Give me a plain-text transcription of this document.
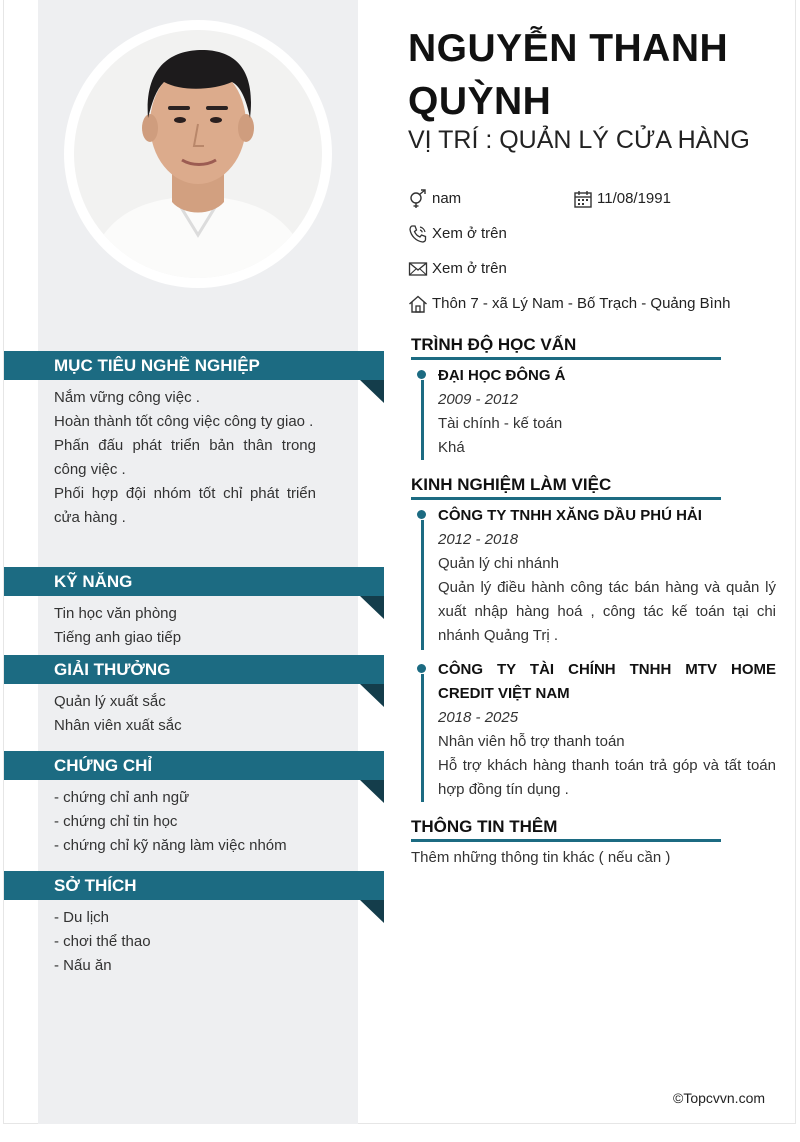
NGUYỄN THANH QUỲNH
VỊ TRÍ : QUẢN LÝ CỬA HÀNG
nam	11/08/1991
Xem ở trên
Xem ở trên
Thôn 7 - xã Lý Nam - Bố Trạch - Quảng Bình
MỤC TIÊU NGHỀ NGHIỆP
Nắm vững công việc .
Hoàn thành tốt công việc công ty giao .
Phấn đấu phát triển bản thân trong công việc .
Phối hợp đội nhóm tốt chỉ phát triển cửa hàng .
KỸ NĂNG
Tin học văn phòng
Tiếng anh giao tiếp
GIẢI THƯỞNG
Quản lý xuất sắc
Nhân viên xuất sắc
CHỨNG CHỈ
- chứng chỉ anh ngữ
- chứng chỉ tin học
- chứng chỉ kỹ năng làm việc nhóm
SỞ THÍCH
- Du lịch
- chơi thể thao
- Nấu ăn
TRÌNH ĐỘ HỌC VẤN
ĐẠI HỌC ĐÔNG Á
2009 - 2012
Tài chính - kế toán
Khá
KINH NGHIỆM LÀM VIỆC
CÔNG TY TNHH XĂNG DẦU PHÚ HẢI
2012 - 2018
Quản lý chi nhánh
Quản lý điều hành công tác bán hàng và quản lý xuất nhập hàng hoá , công tác kế toán tại chi nhánh Quảng Trị .
CÔNG TY TÀI CHÍNH TNHH MTV HOME CREDIT VIỆT NAM
2018 - 2025
Nhân viên hỗ trợ thanh toán
Hỗ trợ khách hàng thanh toán trả góp và tất toán hợp đồng tín dụng .
THÔNG TIN THÊM
Thêm những thông tin khác ( nếu cần )
©Topcvvn.com
